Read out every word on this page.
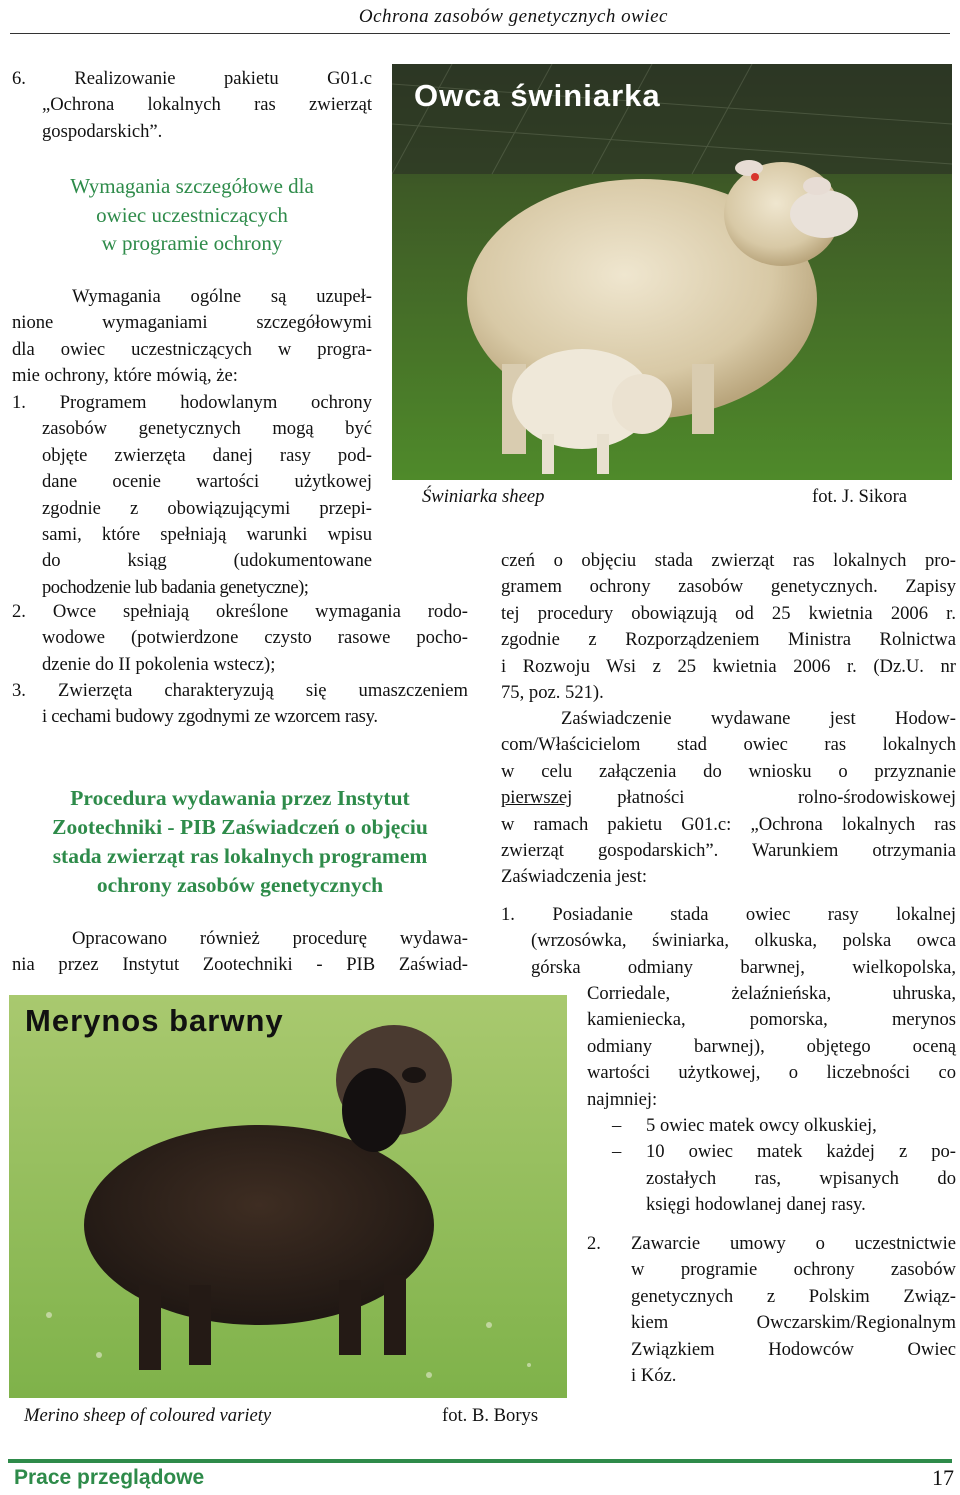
Ochrona zasobów genetycznych owiec
6. Realizowanie pakietu G01.c
„Ochrona lokalnych ras zwierząt
gospodarskich”.
Wymagania szczegółowe dla
owiec uczestniczących
w programie ochrony
Wymagania ogólne są uzupeł-
nione wymaganiami szczegółowymi
dla owiec uczestniczących w progra-
mie ochrony, które mówią, że:
1. Programem hodowlanym ochrony
zasobów genetycznych mogą być
objęte zwierzęta danej rasy pod-
dane ocenie wartości użytkowej
zgodnie z obowiązującymi przepi-
sami, które spełniają warunki wpisu
do ksiąg (udokumentowane
pochodzenie lub badania genetyczne);
2. Owce spełniają określone wymagania rodo-
wodowe (potwierdzone czysto rasowe pocho-
dzenie do II pokolenia wstecz);
3. Zwierzęta charakteryzują się umaszczeniem
i cechami budowy zgodnymi ze wzorcem rasy.
Procedura wydawania przez Instytut
Zootechniki - PIB Zaświadczeń o objęciu
stada zwierząt ras lokalnych programem
ochrony zasobów genetycznych
Opracowano również procedurę wydawa-
nia przez Instytut Zootechniki - PIB Zaświad-
Owca świniarka
Świniarka sheep	fot. J. Sikora
czeń o objęciu stada zwierząt ras lokalnych pro-
gramem ochrony zasobów genetycznych. Zapisy
tej procedury obowiązują od 25 kwietnia 2006 r.
zgodnie z Rozporządzeniem Ministra Rolnictwa
i Rozwoju Wsi z 25 kwietnia 2006 r. (Dz.U. nr
75, poz. 521).
Zaświadczenie wydawane jest Hodow-
com/Właścicielom stad owiec ras lokalnych
w celu załączenia do wniosku o przyznanie
pierwszej płatności rolno-środowiskowej
w ramach pakietu G01.c: „Ochrona lokalnych ras
zwierząt gospodarskich”. Warunkiem otrzymania
Zaświadczenia jest:
1. Posiadanie stada owiec rasy lokalnej
(wrzosówka, świniarka, olkuska, polska owca
górska odmiany barwnej, wielkopolska,
Corriedale, żelaźnieńska, uhruska,
kamieniecka, pomorska, merynos
odmiany barwnej), objętego oceną
wartości użytkowej, o liczebności co
najmniej:
– 5 owiec matek owcy olkuskiej,
– 10 owiec matek każdej z po-
zostałych ras, wpisanych do
księgi hodowlanej danej rasy.
2. Zawarcie umowy o uczestnictwie
w programie ochrony zasobów
genetycznych z Polskim Związ-
kiem Owczarskim/Regionalnym
Związkiem Hodowców Owiec
i Kóz.
Merynos barwny
Merino sheep of coloured variety	fot. B. Borys
Prace przeglądowe	17
